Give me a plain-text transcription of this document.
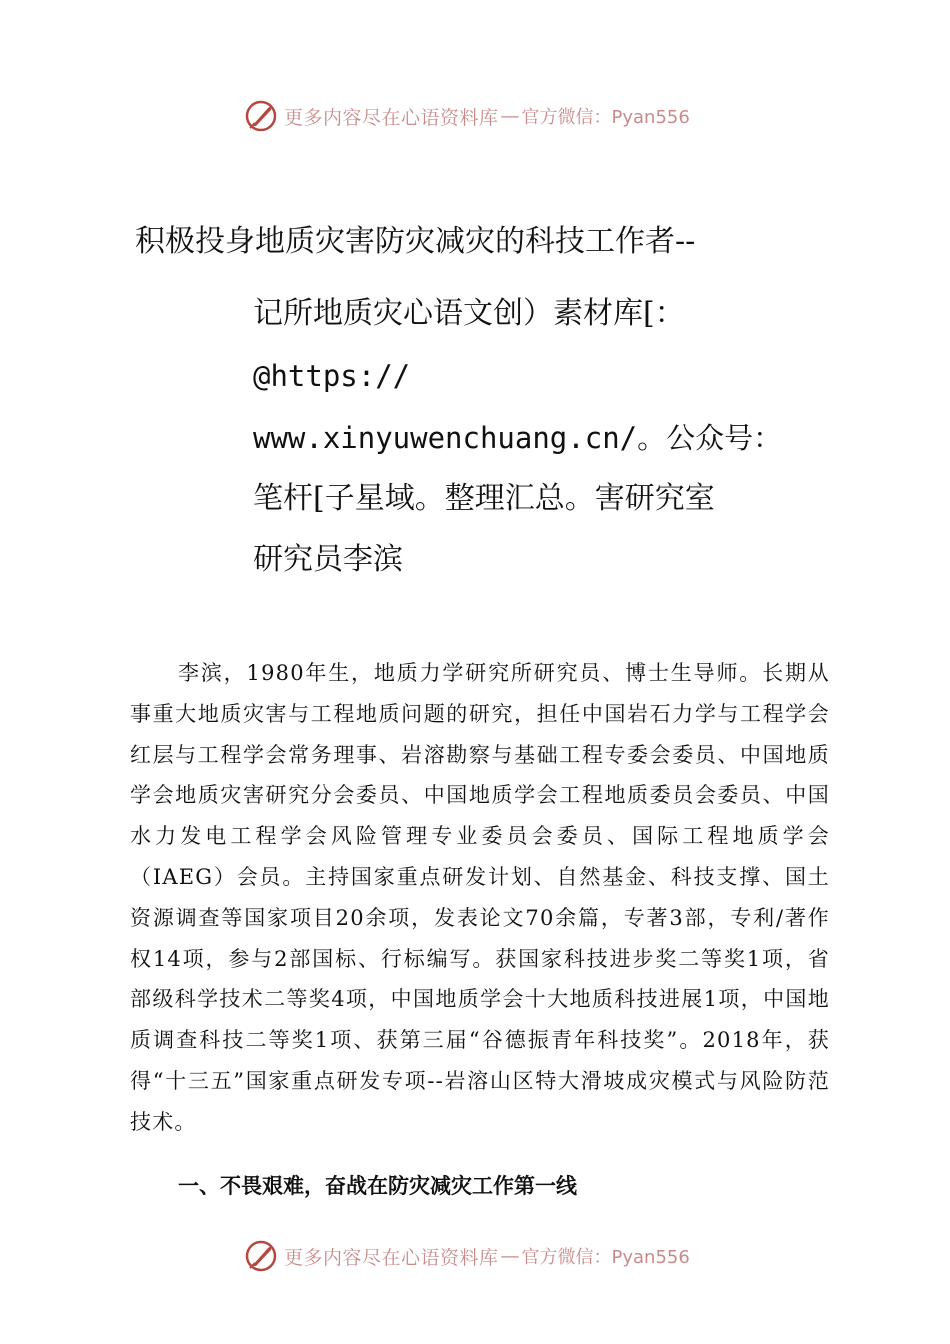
更多内容尽在心语资料库 — 官方微信：Pyan556
积极投身地质灾害防灾减灾的科技工作者--
记所地质灾心语文创）素材库[：
@https://
www.xinyuwenchuang.cn/。公众号：
笔杆[子星域。整理汇总。害研究室
研究员李滨

李滨，1980年生，地质力学研究所研究员、博士生导师。长期从事重大地质灾害与工程地质问题的研究，担任中国岩石力学与工程学会红层与工程学会常务理事、岩溶勘察与基础工程专委会委员、中国地质学会地质灾害研究分会委员、中国地质学会工程地质委员会委员、中国水力发电工程学会风险管理专业委员会委员、国际工程地质学会（IAEG）会员。主持国家重点研发计划、自然基金、科技支撑、国土资源调查等国家项目20余项，发表论文70余篇，专著3部，专利/著作权14项，参与2部国标、行标编写。获国家科技进步奖二等奖1项，省部级科学技术二等奖4项，中国地质学会十大地质科技进展1项，中国地质调查科技二等奖1项、获第三届“谷德振青年科技奖”。2018年，获得“十三五”国家重点研发专项--岩溶山区特大滑坡成灾模式与风险防范技术。

一、不畏艰难，奋战在防灾减灾工作第一线
更多内容尽在心语资料库 — 官方微信：Pyan556
